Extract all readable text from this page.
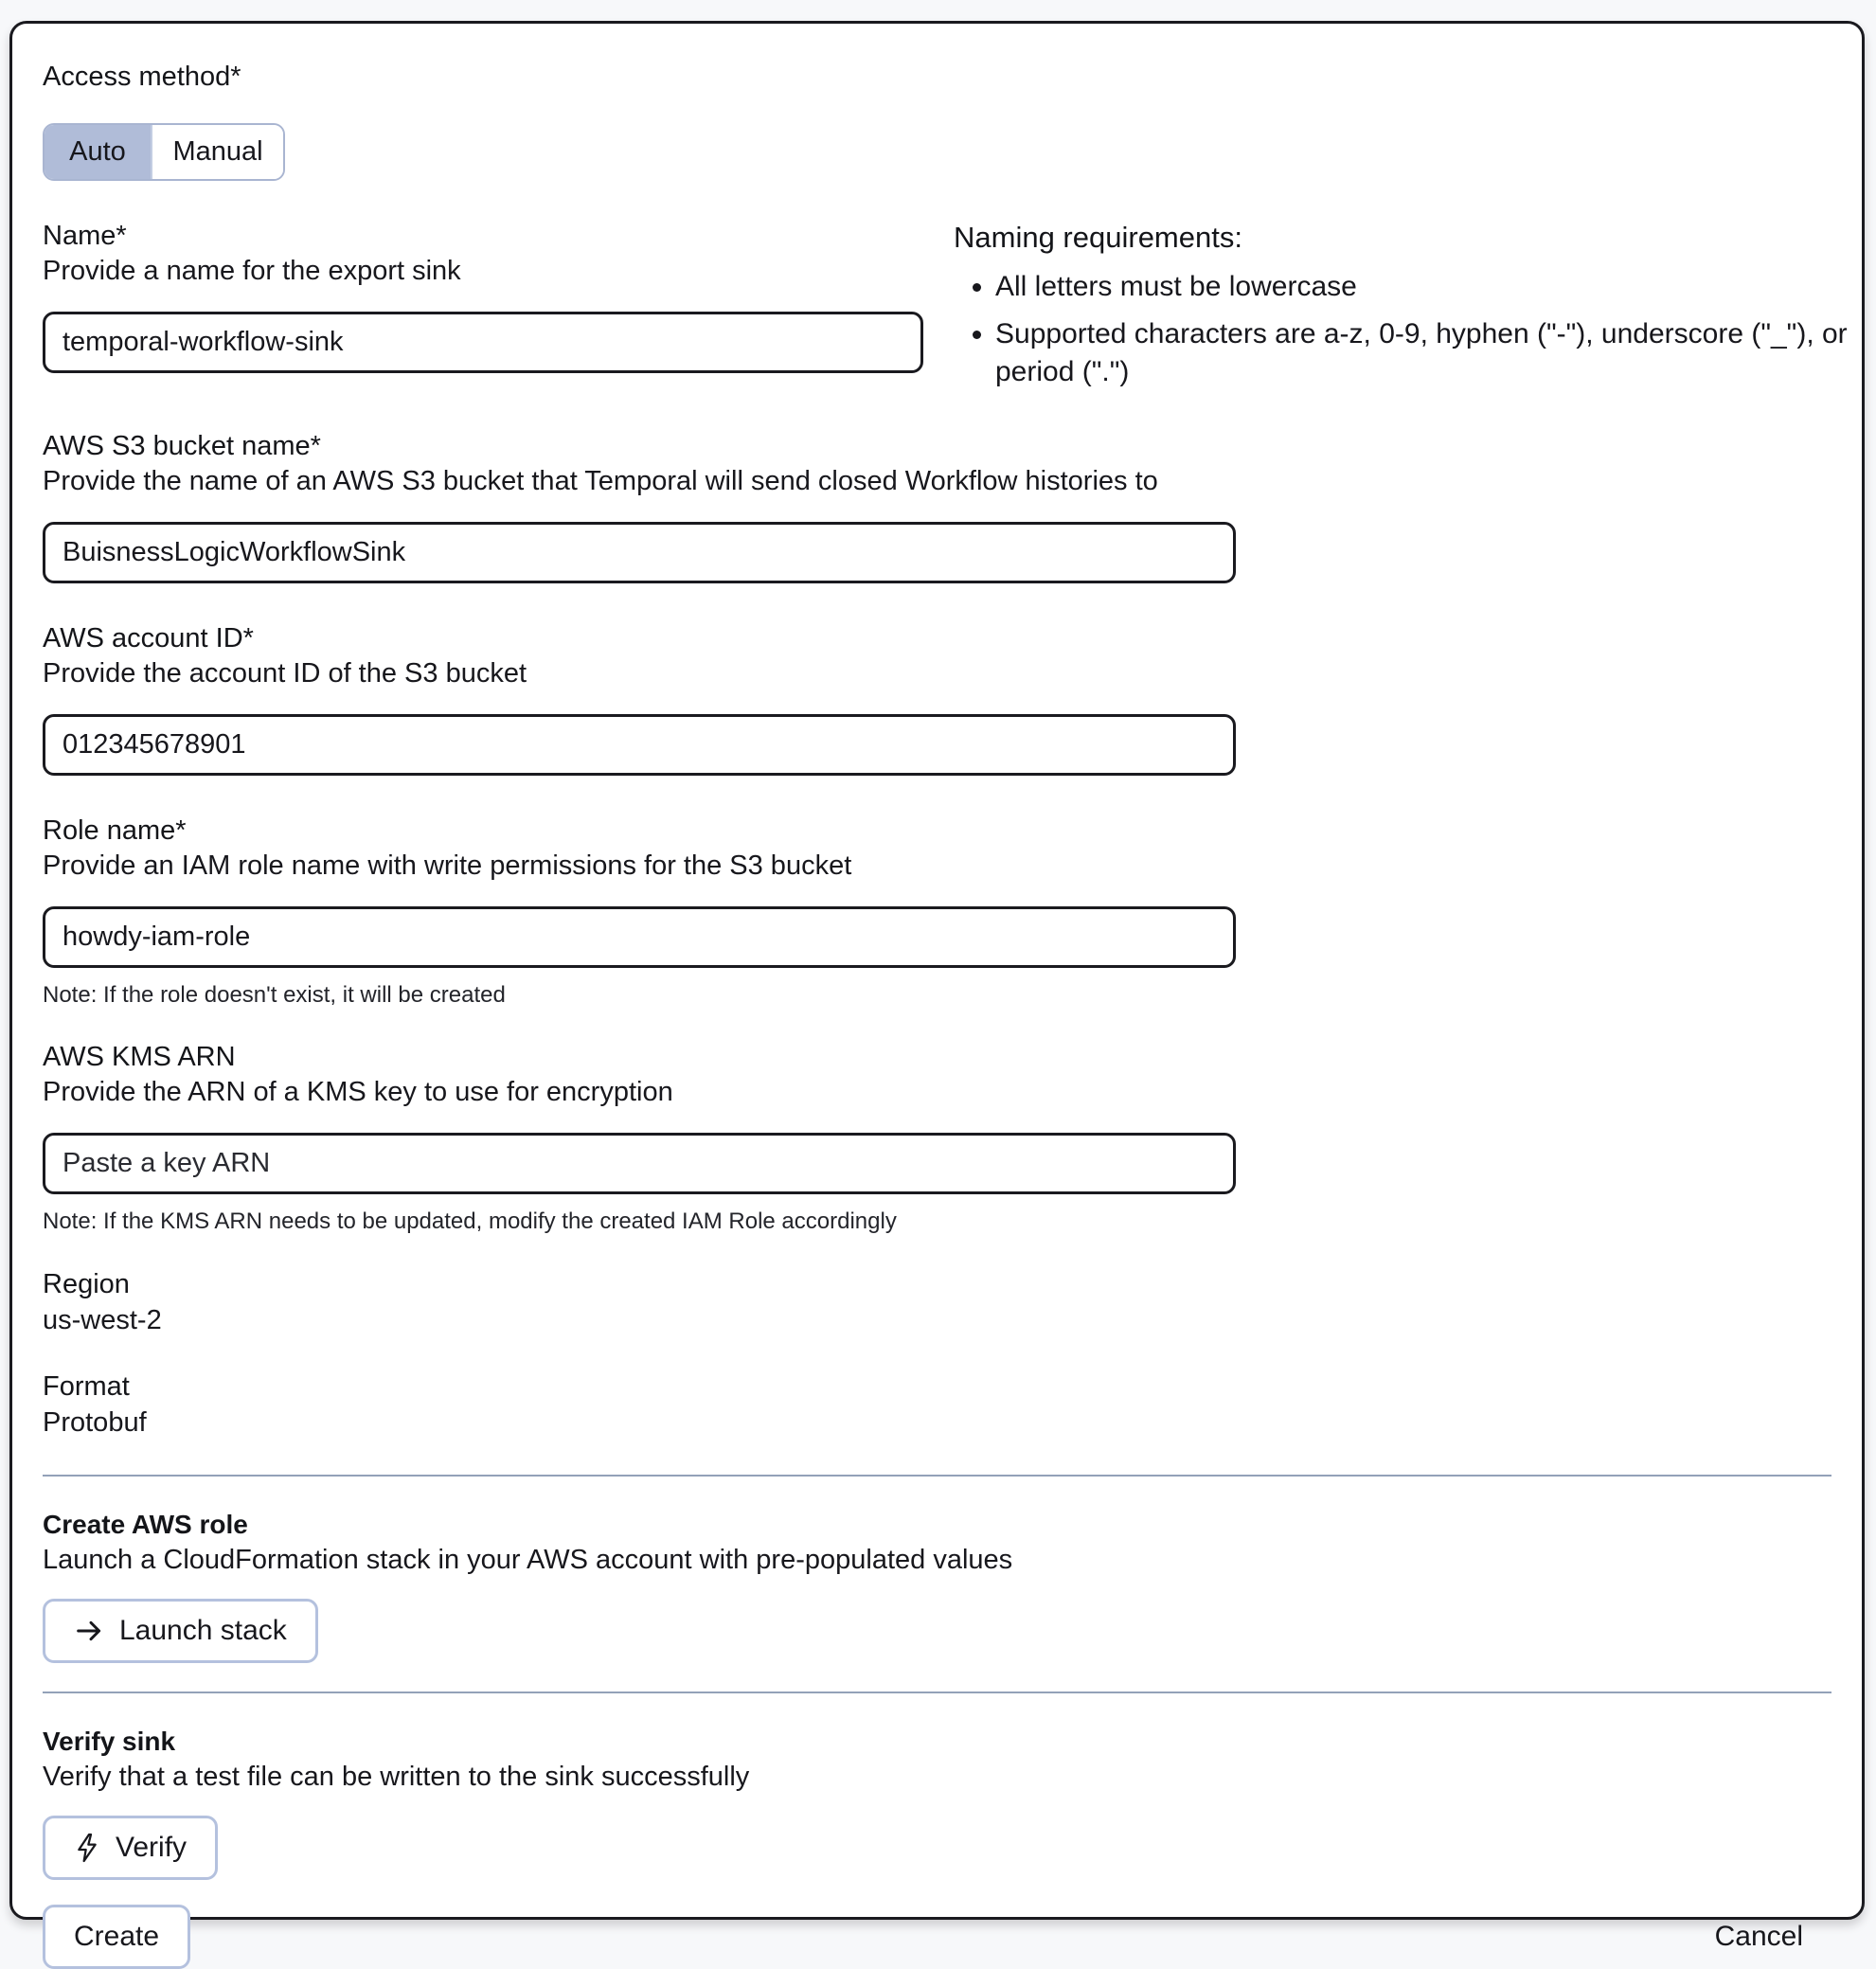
Access method*
Auto Manual
Name*
Provide a name for the export sink
temporal-workflow-sink
Naming requirements:
• All letters must be lowercase
• Supported characters are a-z, 0-9, hyphen ("-"), underscore ("_"), or period (".")
AWS S3 bucket name*
Provide the name of an AWS S3 bucket that Temporal will send closed Workflow histories to
BuisnessLogicWorkflowSink
AWS account ID*
Provide the account ID of the S3 bucket
012345678901
Role name*
Provide an IAM role name with write permissions for the S3 bucket
howdy-iam-role
Note: If the role doesn't exist, it will be created
AWS KMS ARN
Provide the ARN of a KMS key to use for encryption
Paste a key ARN
Note: If the KMS ARN needs to be updated, modify the created IAM Role accordingly
Region
us-west-2
Format
Protobuf
Create AWS role
Launch a CloudFormation stack in your AWS account with pre-populated values
Launch stack
Verify sink
Verify that a test file can be written to the sink successfully
Verify
Create	Cancel
